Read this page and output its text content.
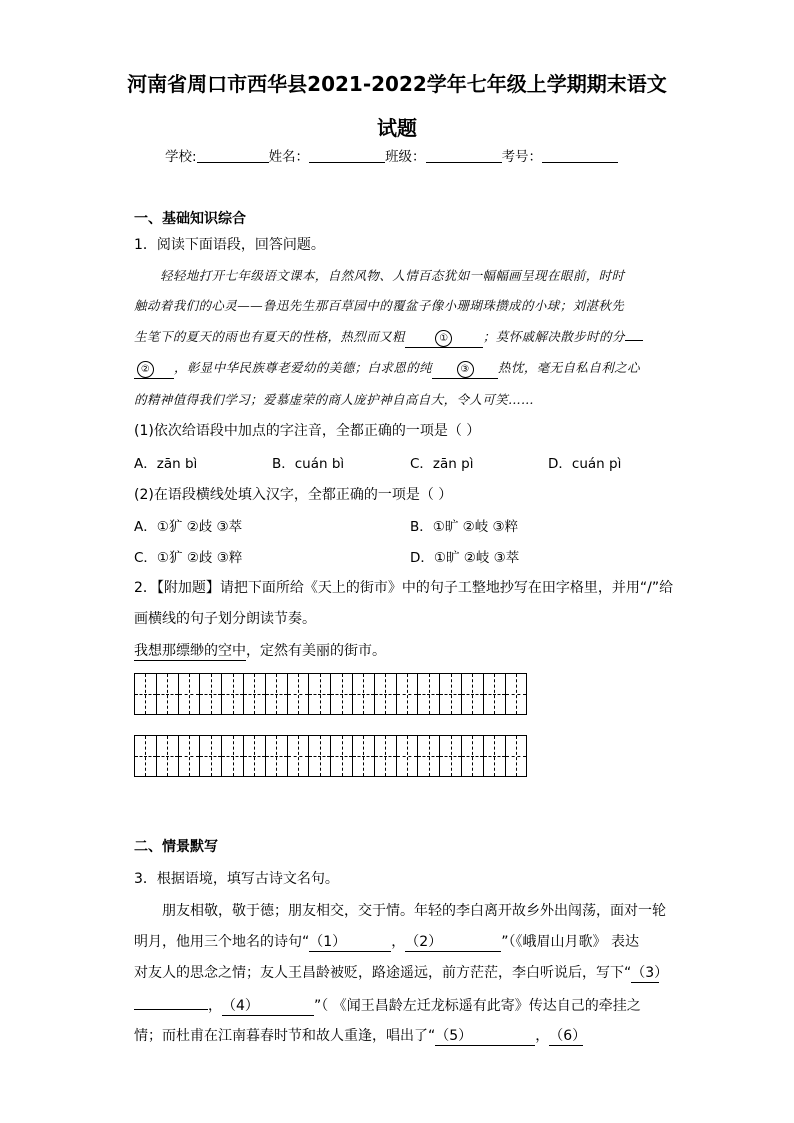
河南省周口市西华县2021-2022学年七年级上学期期末语文
试题
学校:	姓名：	班级：	考号：
一、基础知识综合
1．阅读下面语段，回答问题。
轻轻地打开七年级语文课本，自然风物、人情百态犹如一幅幅画呈现在眼前，时时
触动着我们的心灵——鲁迅先生那百草园中的覆盆子像小珊瑚珠攒成的小球；刘湛秋先
生笔下的夏天的雨也有夏天的性格，热烈而又粗	①	；莫怀戚解决散步时的分
② ，彰显中华民族尊老爱幼的美德；白求恩的纯	③ 热忱，毫无自私自利之心
的精神值得我们学习；爱慕虚荣的商人庞护神自高自大，令人可笑……
(1)依次给语段中加点的字注音，全都正确的一项是（ ）
A．zān bì	B．cuán bì	C．zān pì	D．cuán pì
(2)在语段横线处填入汉字，全都正确的一项是（ ）
A．①犷 ②歧 ③萃	B．①旷 ②岐 ③粹
C．①犷 ②歧 ③粹	D．①旷 ②岐 ③萃
2．【附加题】请把下面所给《天上的街市》中的句子工整地抄写在田字格里，并用“/”给
画横线的句子划分朗读节奏。
我想那缥缈的空中，定然有美丽的街市。
二、情景默写
3．根据语境，填写古诗文名句。
朋友相敬，敬于德；朋友相交，交于情。年轻的李白离开故乡外出闯荡，面对一轮
明月，他用三个地名的诗句“（1）	，（2）	”（《峨眉山月歌》 表达
对友人的思念之情；友人王昌龄被贬，路途遥远，前方茫茫，李白听说后，写下“（3）
，（4）	”（ 《闻王昌龄左迁龙标遥有此寄》传达自己的牵挂之
情；而杜甫在江南暮春时节和故人重逢，唱出了“（5）	，（6）
